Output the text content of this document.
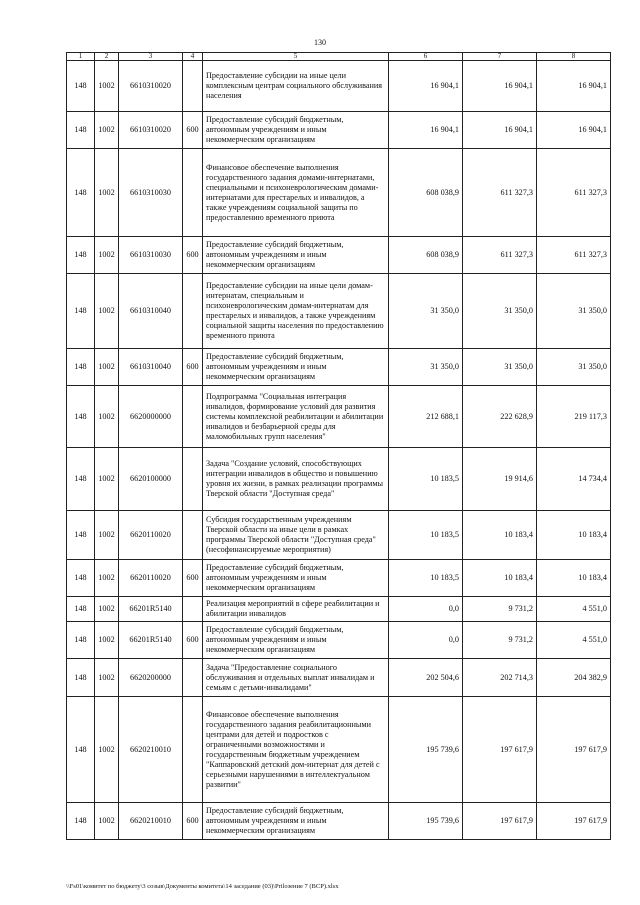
130
1	2	3	4	5	6	7	8
148	1002	6610310020		Предоставление субсидии на иные цели комплексным центрам социального обслуживания населения	16 904,1	16 904,1	16 904,1
148	1002	6610310020	600	Предоставление субсидий бюджетным, автономным учреждениям и иным некоммерческим организациям	16 904,1	16 904,1	16 904,1
148	1002	6610310030		Финансовое обеспечение выполнения государственного задания домами-интернатами, специальными и психоневрологическим домами-интернатами для престарелых и инвалидов, а также учреждениям социальной защиты по предоставлению временного приюта	608 038,9	611 327,3	611 327,3
148	1002	6610310030	600	Предоставление субсидий бюджетным, автономным учреждениям и иным некоммерческим организациям	608 038,9	611 327,3	611 327,3
148	1002	6610310040		Предоставление субсидии на иные цели домам-интернатам, специальным и психоневрологическим домам-интернатам для престарелых и инвалидов, а также учреждениям социальной защиты населения по предоставлению временного приюта	31 350,0	31 350,0	31 350,0
148	1002	6610310040	600	Предоставление субсидий бюджетным, автономным учреждениям и иным некоммерческим организациям	31 350,0	31 350,0	31 350,0
148	1002	6620000000		Подпрограмма "Социальная интеграция инвалидов, формирование условий для развития системы комплексной реабилитации и абилитации инвалидов и безбарьерной среды для маломобильных групп населения"	212 688,1	222 628,9	219 117,3
148	1002	6620100000		Задача "Создание условий, способствующих интеграции инвалидов в общество и повышению уровня их жизни, в рамках реализации программы Тверской области "Доступная среда"	10 183,5	19 914,6	14 734,4
148	1002	6620110020		Субсидия государственным учреждениям Тверской области на иные цели в рамках программы Тверской области "Доступная среда" (несофинансируемые мероприятия)	10 183,5	10 183,4	10 183,4
148	1002	6620110020	600	Предоставление субсидий бюджетным, автономным учреждениям и иным некоммерческим организациям	10 183,5	10 183,4	10 183,4
148	1002	66201R5140		Реализация мероприятий в сфере реабилитации и абилитации инвалидов	0,0	9 731,2	4 551,0
148	1002	66201R5140	600	Предоставление субсидий бюджетным, автономным учреждениям и иным некоммерческим организациям	0,0	9 731,2	4 551,0
148	1002	6620200000		Задача "Предоставление социального обслуживания и отдельных выплат инвалидам и семьям с детьми-инвалидами"	202 504,6	202 714,3	204 382,9
148	1002	6620210010		Финансовое обеспечение выполнения государственного задания реабилитационными центрами для детей и подростков с ограниченными возможностями и государственным бюджетным учреждением "Каппаровский детский дом-интернат для детей с серьезными нарушениями в интеллектуальном развитии"	195 739,6	197 617,9	197 617,9
148	1002	6620210010	600	Предоставление субсидий бюджетным, автономным учреждениям и иным некоммерческим организациям	195 739,6	197 617,9	197 617,9
\\Fs01\комитет по бюджету\3 созыв\Документы комитета\14 заседание (03)\Prilозение 7 (ВСР).xlsx
